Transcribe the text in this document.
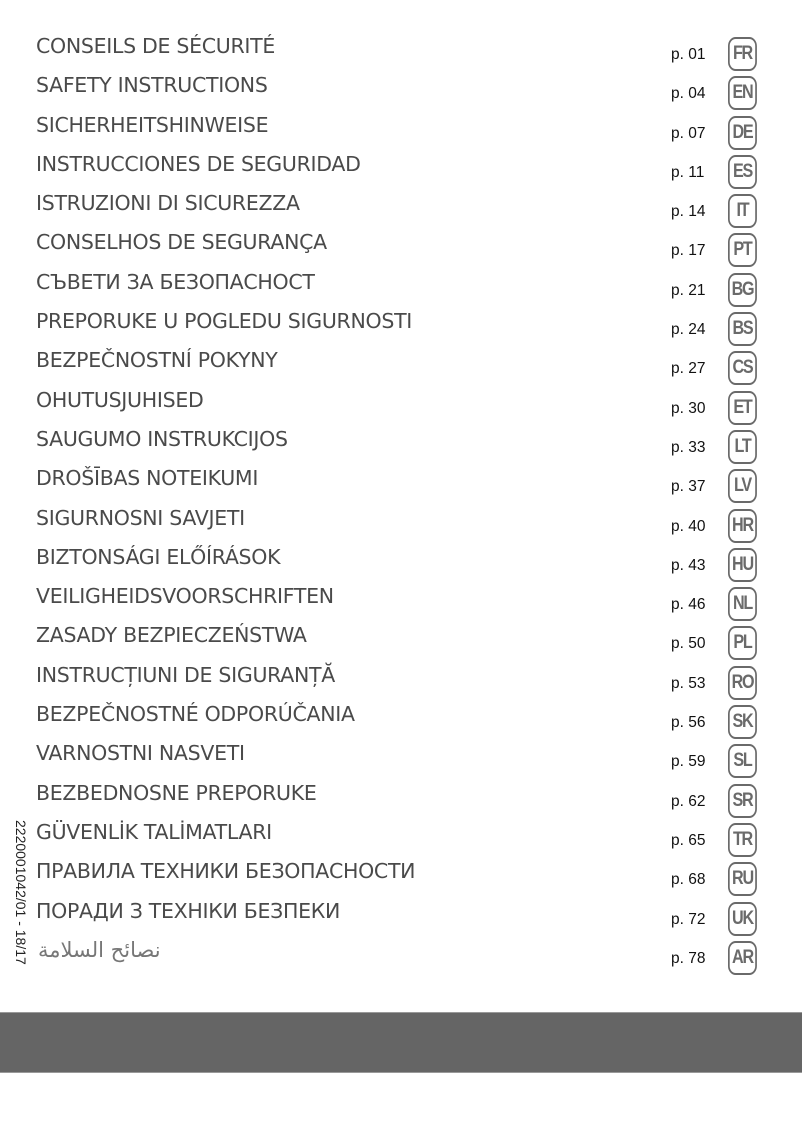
CONSEILS DE SÉCURITÉ	p. 01 FR
SAFETY INSTRUCTIONS	p. 04 EN
SICHERHEITSHINWEISE	p. 07 DE
INSTRUCCIONES DE SEGURIDAD	p. 11 ES
ISTRUZIONI DI SICUREZZA	p. 14	IT
CONSELHOS DE SEGURANÇA	p. 17 PT
СЪВЕТИ ЗА БЕЗОПАСНОСТ	p. 21 BG
PREPORUKE U POGLEDU SIGURNOSTI	p. 24 BS
BEZPEČNOSTNÍ POKYNY	p. 27 CS
OHUTUSJUHISED	p. 30 ET
SAUGUMO INSTRUKCIJOS	p. 33	LT
DROŠĪBAS NOTEIKUMI	p. 37	LV
SIGURNOSNI SAVJETI	p. 40 HR
BIZTONSÁGI ELŐÍRÁSOK	p. 43 HU
VEILIGHEIDSVOORSCHRIFTEN	p. 46 NL
ZASADY BEZPIECZEŃSTWA	p. 50 PL
INSTRUCȚIUNI DE SIGURANȚĂ	p. 53 RO
BEZPEČNOSTNÉ ODPORÚČANIA	p. 56 SK
VARNOSTNI NASVETI	p. 59 SL
BEZBEDNOSNE PREPORUKE	p. 62 SR
GÜVENLİK TALİMATLARI	p. 65 TR
ПРАВИЛА ТЕХНИКИ БЕЗОПАСНОСТИ	p. 68 RU
ПОРАДИ З ТЕХНІКИ БЕЗПЕКИ	p. 72 UK
نصائح السلامة	p. 78 AR
2220001042/01 - 18/17
